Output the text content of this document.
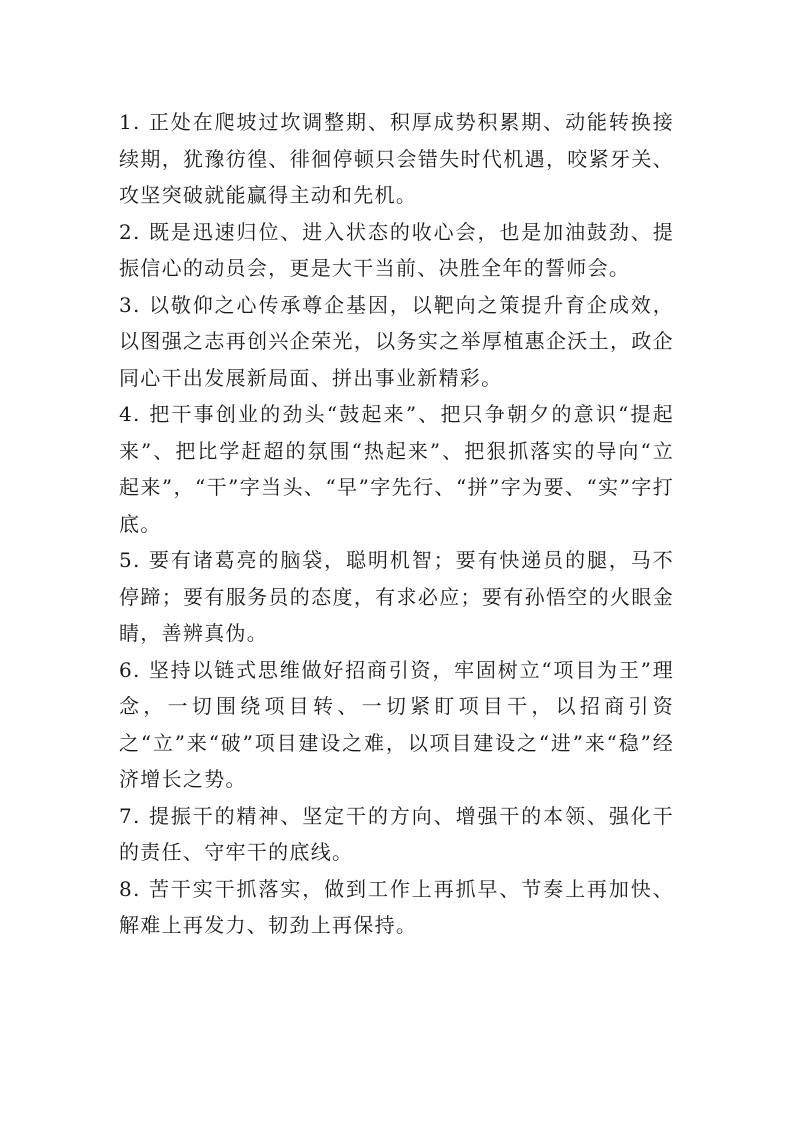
1. 正处在爬坡过坎调整期、积厚成势积累期、动能转换接续期，犹豫彷徨、徘徊停顿只会错失时代机遇，咬紧牙关、攻坚突破就能赢得主动和先机。

2. 既是迅速归位、进入状态的收心会，也是加油鼓劲、提振信心的动员会，更是大干当前、决胜全年的誓师会。

3. 以敬仰之心传承尊企基因，以靶向之策提升育企成效，以图强之志再创兴企荣光，以务实之举厚植惠企沃土，政企同心干出发展新局面、拼出事业新精彩。

4. 把干事创业的劲头“鼓起来”、把只争朝夕的意识“提起来”、把比学赶超的氛围“热起来”、把狠抓落实的导向“立起来”，“干”字当头、“早”字先行、“拼”字为要、“实”字打底。

5. 要有诸葛亮的脑袋，聪明机智；要有快递员的腿，马不停蹄；要有服务员的态度，有求必应；要有孙悟空的火眼金睛，善辨真伪。

6. 坚持以链式思维做好招商引资，牢固树立“项目为王”理念，一切围绕项目转、一切紧盯项目干，以招商引资之“立”来“破”项目建设之难，以项目建设之“进”来“稳”经济增长之势。

7. 提振干的精神、坚定干的方向、增强干的本领、强化干的责任、守牢干的底线。

8. 苦干实干抓落实，做到工作上再抓早、节奏上再加快、解难上再发力、韧劲上再保持。
